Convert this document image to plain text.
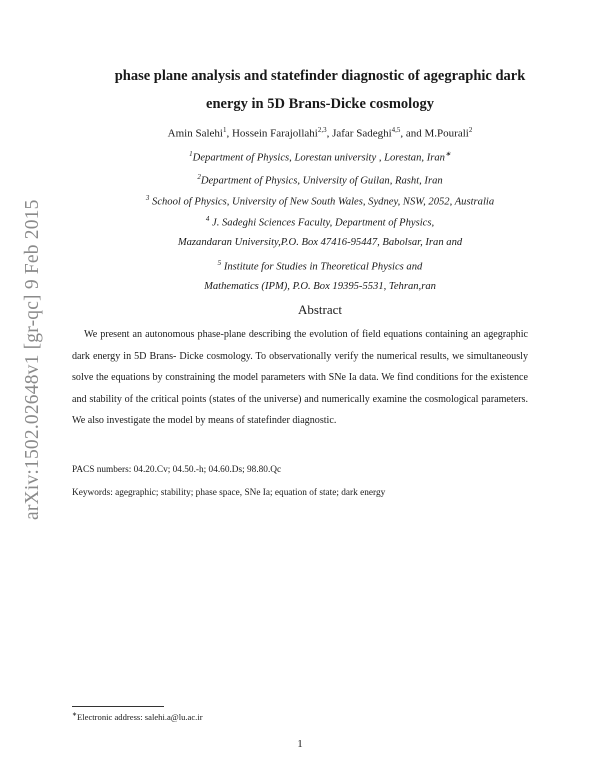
arXiv:1502.02648v1 [gr-qc] 9 Feb 2015
phase plane analysis and statefinder diagnostic of agegraphic dark
energy in 5D Brans-Dicke cosmology
Amin Salehi$^1$, Hossein Farajollahi$^{2,3}$, Jafar Sadeghi$^{4,5}$, and M.Pourali$^2$
$^1$Department of Physics, Lorestan university , Lorestan, Iran∗
$^2$Department of Physics, University of Guilan, Rasht, Iran
$^3$ School of Physics, University of New South Wales, Sydney, NSW, 2052, Australia
$^4$ J. Sadeghi Sciences Faculty, Department of Physics,
Mazandaran University,P.O. Box 47416-95447, Babolsar, Iran and
$^5$ Institute for Studies in Theoretical Physics and
Mathematics (IPM), P.O. Box 19395-5531, Tehran,ran
Abstract
We present an autonomous phase-plane describing the evolution of field equations containing an agegraphic dark energy in 5D Brans- Dicke cosmology. To observationally verify the numerical results, we simultaneously solve the equations by constraining the model parameters with SNe Ia data. We find conditions for the existence and stability of the critical points (states of the universe) and numerically examine the cosmological parameters. We also investigate the model by means of statefinder diagnostic.
PACS numbers: 04.20.Cv; 04.50.-h; 04.60.Ds; 98.80.Qc
Keywords: agegraphic; stability; phase space, SNe Ia; equation of state; dark energy
∗Electronic address: salehi.a@lu.ac.ir
1
